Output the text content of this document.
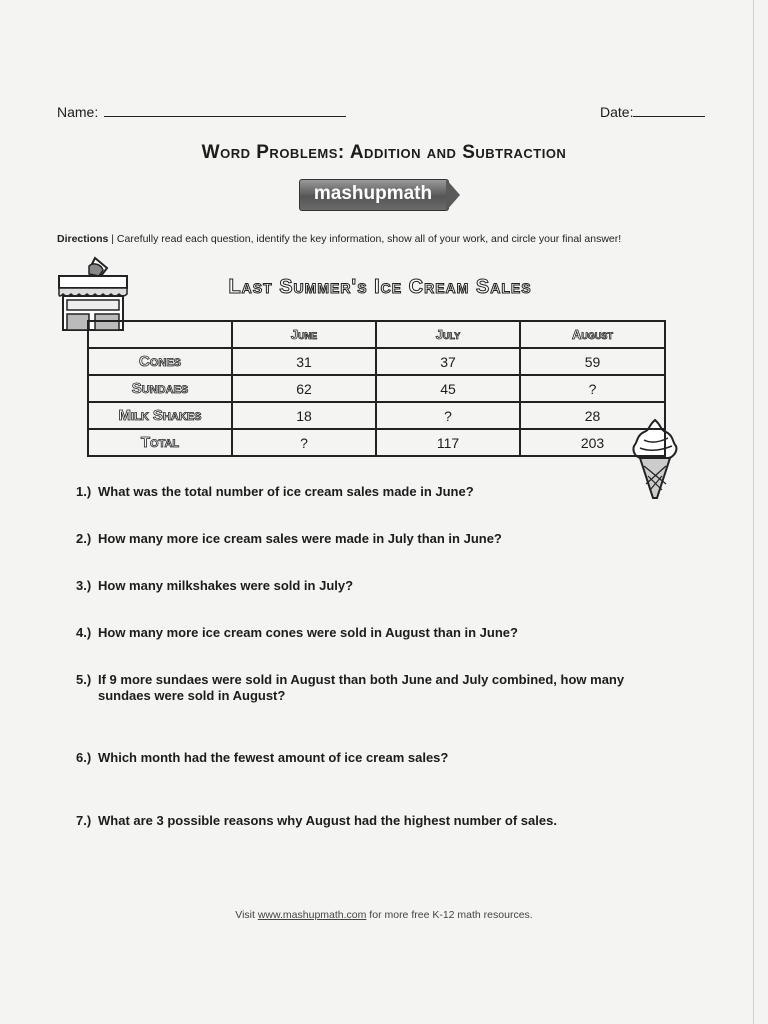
Name:	Date:
Word Problems: Addition and Subtraction
mashupmath
Directions | Carefully read each question, identify the key information, show all of your work, and circle your final answer!
Last Summer's Ice Cream Sales
	June	July	August
Cones	31	37	59
Sundaes	62	45	?
Milk Shakes	18	?	28
Total	?	117	203
1.) What was the total number of ice cream sales made in June?
2.) How many more ice cream sales were made in July than in June?
3.) How many milkshakes were sold in July?
4.) How many more ice cream cones were sold in August than in June?
5.) If 9 more sundaes were sold in August than both June and July combined, how many
sundaes were sold in August?
6.) Which month had the fewest amount of ice cream sales?
7.) What are 3 possible reasons why August had the highest number of sales.
Visit www.mashupmath.com for more free K-12 math resources.
